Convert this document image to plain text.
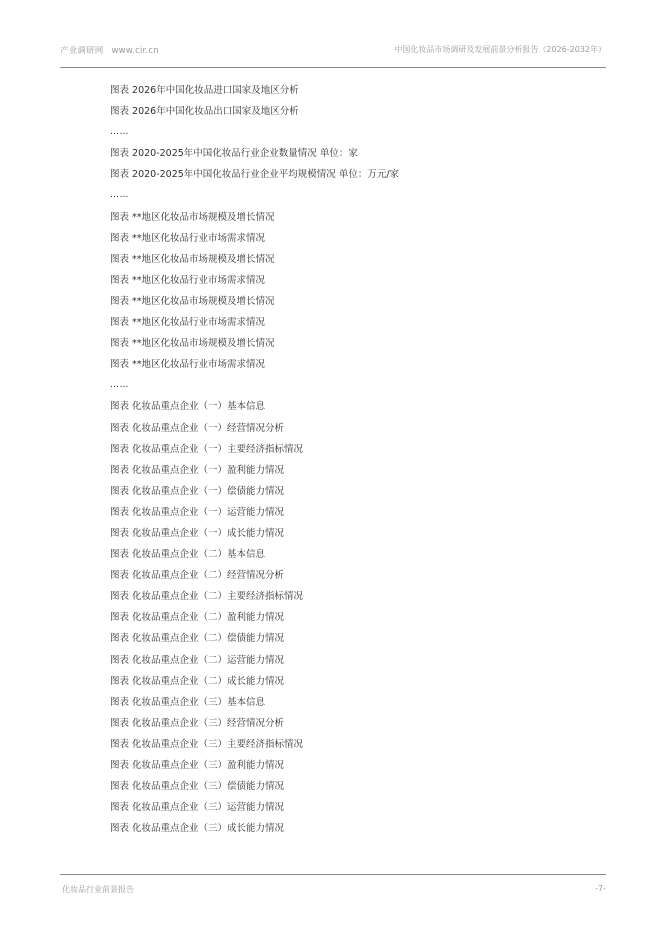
产业调研网 www.cir.cn	中国化妆品市场调研及发展前景分析报告（2026-2032年）
图表 2026年中国化妆品进口国家及地区分析
图表 2026年中国化妆品出口国家及地区分析
……
图表 2020-2025年中国化妆品行业企业数量情况 单位：家
图表 2020-2025年中国化妆品行业企业平均规模情况 单位：万元/家
……
图表 **地区化妆品市场规模及增长情况
图表 **地区化妆品行业市场需求情况
图表 **地区化妆品市场规模及增长情况
图表 **地区化妆品行业市场需求情况
图表 **地区化妆品市场规模及增长情况
图表 **地区化妆品行业市场需求情况
图表 **地区化妆品市场规模及增长情况
图表 **地区化妆品行业市场需求情况
……
图表 化妆品重点企业（一）基本信息
图表 化妆品重点企业（一）经营情况分析
图表 化妆品重点企业（一）主要经济指标情况
图表 化妆品重点企业（一）盈利能力情况
图表 化妆品重点企业（一）偿债能力情况
图表 化妆品重点企业（一）运营能力情况
图表 化妆品重点企业（一）成长能力情况
图表 化妆品重点企业（二）基本信息
图表 化妆品重点企业（二）经营情况分析
图表 化妆品重点企业（二）主要经济指标情况
图表 化妆品重点企业（二）盈利能力情况
图表 化妆品重点企业（二）偿债能力情况
图表 化妆品重点企业（二）运营能力情况
图表 化妆品重点企业（二）成长能力情况
图表 化妆品重点企业（三）基本信息
图表 化妆品重点企业（三）经营情况分析
图表 化妆品重点企业（三）主要经济指标情况
图表 化妆品重点企业（三）盈利能力情况
图表 化妆品重点企业（三）偿债能力情况
图表 化妆品重点企业（三）运营能力情况
图表 化妆品重点企业（三）成长能力情况
化妆品行业前景报告	-7-
